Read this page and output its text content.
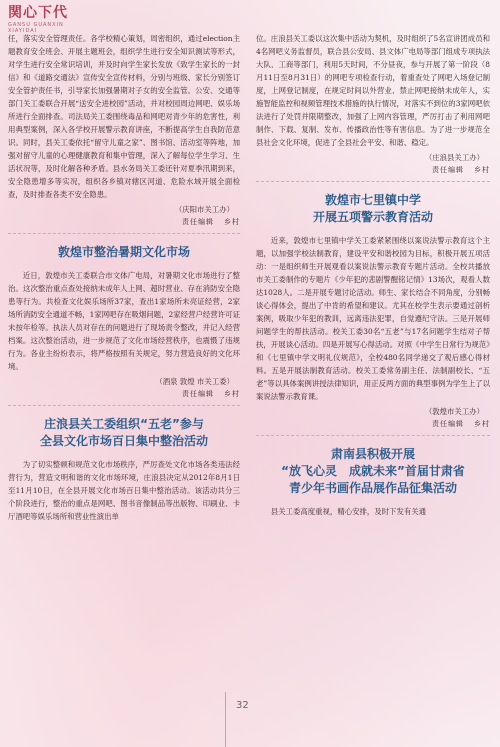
関心下代
GANSU GUANXIN
XIAYIDAI

任，落实安全管理责任。各学校精心策划，周密组织，通过election主题教育安全班会、开展主题班会，组织学生进行安全知识测试等形式，对学生进行安全常识培训，并及时向学生家长发放《致学生家长的一封信》和《道路交通法》宣传安全宣传材料，分别与班级、家长分别签订安全管护责任书，引导家长加强暑期对子女的安全监管。公安、交通等部门关工委联合开展“送安全进校园”活动，并对校园周边网吧、娱乐场所进行全面排查。司法局关工委围绕毒品和网吧对青少年的危害性，利用典型案例，深入各学校开展警示教育讲座，不断提高学生自我防范意识。同时，县关工委依托“留守儿童之家”、图书馆、活动室等阵地，加强对留守儿童的心理健康教育和集中管理，深入了解每位学生学习、生活状况等，及时化解各种矛盾。县水务局关工委还针对夏季汛期到来，安全隐患增多等实况，组织各乡镇对辖区河道、危险水域开展全面检查，及时排查各类不安全隐患。

（庆阳市关工办）
责任编辑 乡村
敦煌市整治暑期文化市场

近日，敦煌市关工委联合市文体广电局，对暑期文化市场进行了整治。这次整治重点查处接纳未成年人上网、超时营业、存在消防安全隐患等行为。共检查文化娱乐场所37家，查出1家场所未亮证经营，2家场所消防安全通道不畅，1家网吧存在吸烟问题，2家经营户经营许可证未按年检等。执法人员对存在的问题进行了现场责令整改，并记入经营档案。这次整治活动，进一步规范了文化市场经营秩序，也震慑了违规行为。各业主纷纷表示，将严格按照有关规定，努力营造良好的文化环境。

（酒泉 敦煌 市关工委）
责任编辑 乡村
庄浪县关工委组织“五老”参与
全县文化市场百日集中整治活动

为了切实整顿和规范文化市场秩序，严厉查处文化市场各类违法经营行为，营造文明和谐的文化市场环境，庄浪县决定从2012年8月1日至11月10日，在全县开展文化市场百日集中整治活动。该活动共分三个阶段进行，整治的重点是网吧、图书音像制品等出版物、印刷业、卡厅酒吧等娱乐场所和营业性演出单

位。庄浪县关工委以这次集中活动为契机，及时组织了5名宣讲团成员和4名网吧义务监督员，联合县公安局、县文体广电局等部门组成专项执法大队、工商等部门，利用5天时间，不分昼夜，参与开展了第一阶段（8月11日至8月31日）的网吧专项检查行动，着重查处了网吧入场登记制度，上网登记制度，在规定时间以外营业、禁止网吧接纳未成年人，实施智能监控和视频管理技术措施的执行情况，对落实不到位的3家网吧依法进行了处罚并限期整改，加强了上网内容管理，严厉打击了利用网吧制作、下载、复制、发布、传播政治性等有害信息。为了进一步规范全县社会文化环境，促进了全县社会平安、和谐、稳定。

（庄浪县关工办）
责任编辑 乡村
敦煌市七里镇中学
开展五项警示教育活动

近来，敦煌市七里镇中学关工委紧紧围绕以案说法警示教育这个主题，以加强学校法制教育，建设平安和谐校园为目标，积极开展五项活动：一是组织师生开展观看以案说法警示教育专题片活动。全校共播放市关工委制作的专题片《少年犯的悲剧警醒铭记情》13场次，观看人数达1028人。二是开展专题讨论活动。师生、家长结合不同角度，分别畅谈心得体会，提出了中肯的希望和建议。尤其在校学生表示要通过剖析案例，吸取少年犯的教训，远离违法犯罪，自觉遵纪守法。三是开展师问题学生的帮扶活动。校关工委30名“五老”与17名问题学生结对子帮扶，开展谈心活动。四是开展写心得活动。对照《中学生日常行为规范》和《七里镇中学文明礼仪规范》，全校480名同学递交了观后感心得材料。五是开展法制教育活动。校关工委常务副主任、法制副校长、“五老”等以具体案例讲授法律知识，用正反两方面的典型事例为学生上了以案说法警示教育课。

（敦煌市关工办）
责任编辑 乡村
肃南县积极开展
“放飞心灵　成就未来”首届甘肃省
青少年书画作品展作品征集活动

县关工委高度重视，精心安排，及时下发有关通

32
